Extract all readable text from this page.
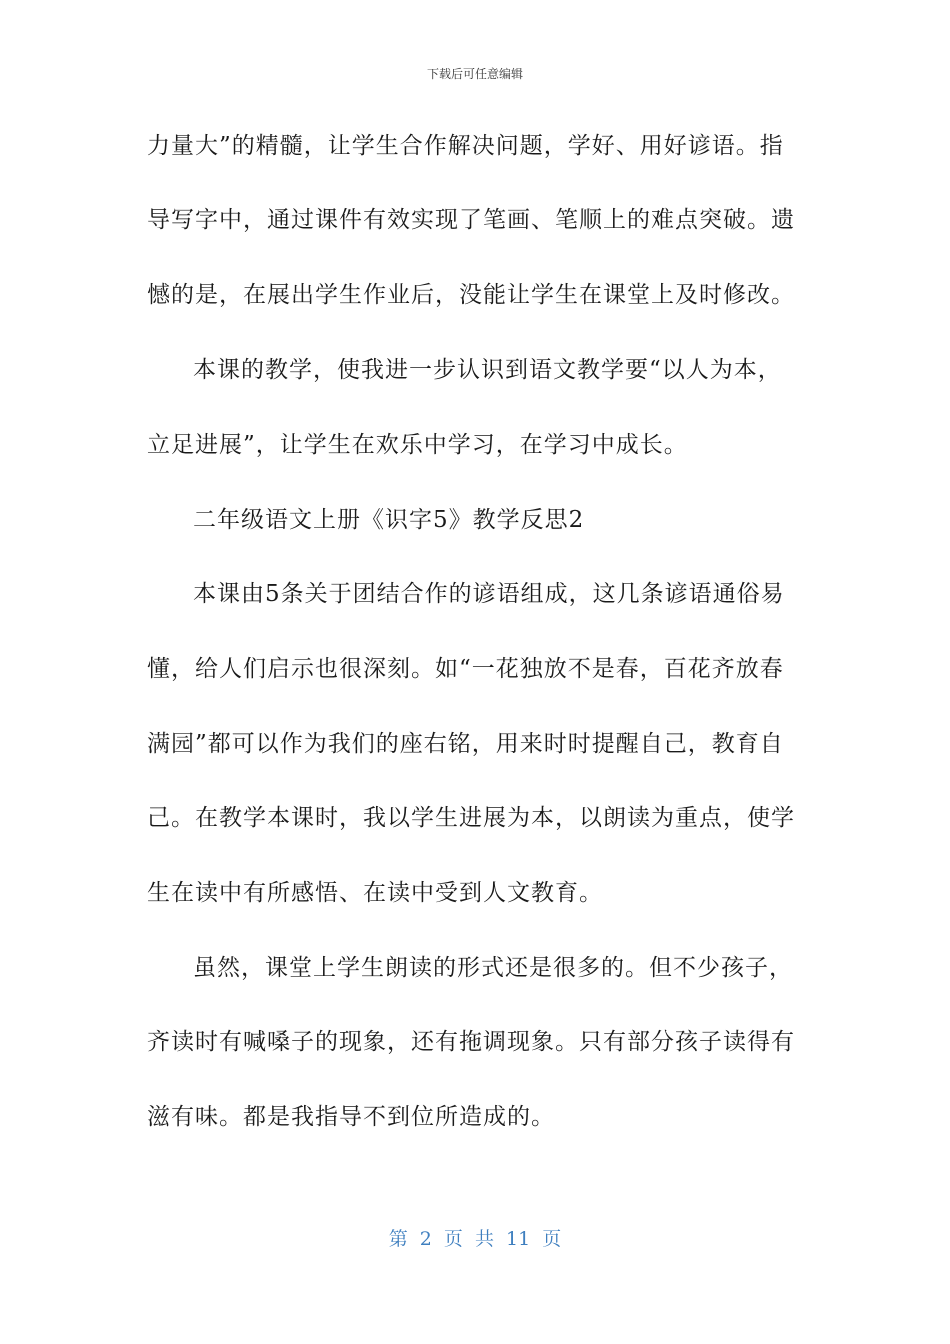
下载后可任意编辑
力量大”的精髓，让学生合作解决问题，学好、用好谚语。指
导写字中，通过课件有效实现了笔画、笔顺上的难点突破。遗
憾的是，在展出学生作业后，没能让学生在课堂上及时修改。
本课的教学，使我进一步认识到语文教学要“以人为本，
立足进展”，让学生在欢乐中学习，在学习中成长。
二年级语文上册《识字5》教学反思2
本课由5条关于团结合作的谚语组成，这几条谚语通俗易
懂，给人们启示也很深刻。如“一花独放不是春，百花齐放春
满园”都可以作为我们的座右铭，用来时时提醒自己，教育自
己。在教学本课时，我以学生进展为本，以朗读为重点，使学
生在读中有所感悟、在读中受到人文教育。
虽然，课堂上学生朗读的形式还是很多的。但不少孩子，
齐读时有喊嗓子的现象，还有拖调现象。只有部分孩子读得有
滋有味。都是我指导不到位所造成的。
第 2 页 共 11 页
